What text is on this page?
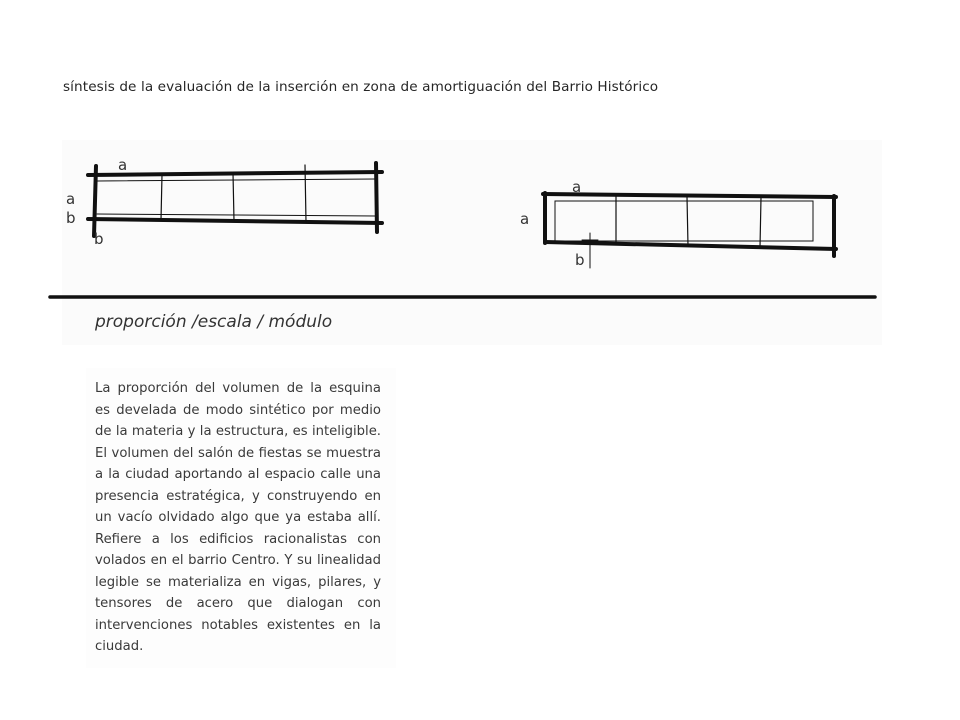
síntesis de la evaluación de la inserción en zona de amortiguación del Barrio Histórico
a
a
b
b
a
a
b
proporción /escala / módulo

La proporción del volumen de la esquina es develada de modo sintético por medio de la materia y la estructura, es inteligible. El volumen del salón de fiestas se muestra a la ciudad aportando al espacio calle una presencia estratégica, y construyendo en un vacío olvidado algo que ya estaba allí. Refiere a los edificios racionalistas con volados en el barrio Centro. Y su linealidad legible se materializa en vigas, pilares, y tensores de acero que dialogan con intervenciones notables existentes en la ciudad.
